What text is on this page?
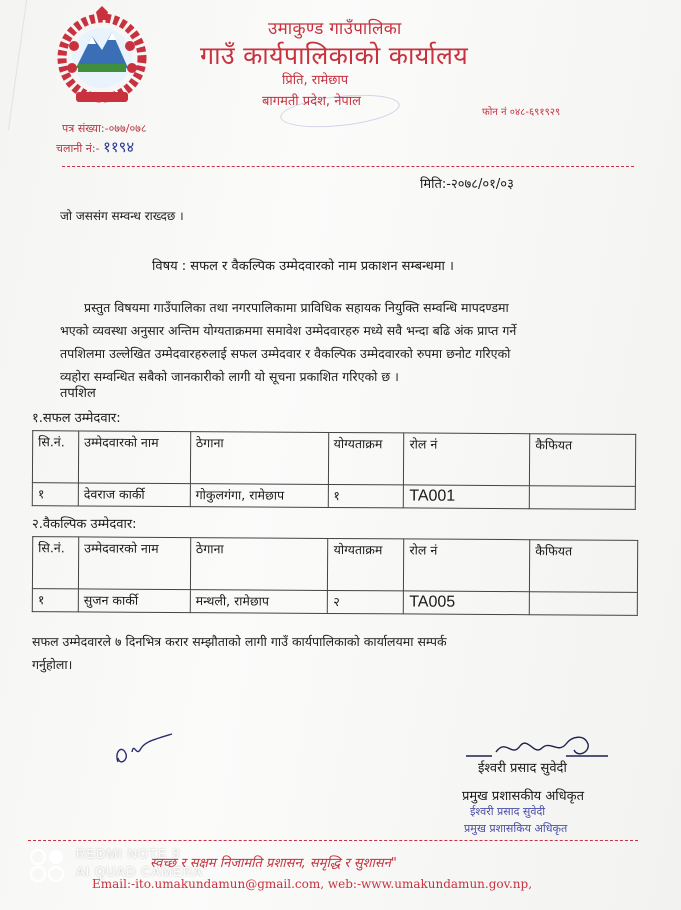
उमाकुण्ड गाउँपालिका
गाउँ कार्यपालिकाको कार्यालय
प्रिति, रामेछाप
बागमती प्रदेश, नेपाल
फोन नं ०४८-६९१९२९
पत्र संख्या:-०७७/०७८
चलानी नं:- ११९४
मिति:-२०७८/०१/०३
जो जससंग सम्वन्ध राख्दछ ।
विषय : सफल र वैकल्पिक उम्मेदवारको नाम प्रकाशन सम्बन्धमा ।
प्रस्तुत विषयमा गाउँपालिका तथा नगरपालिकामा प्राविधिक सहायक नियुक्ति सम्वन्धि मापदण्डमा
भएको व्यवस्था अनुसार अन्तिम योग्यताक्रममा समावेश उम्मेदवारहरु मध्ये सवै भन्दा बढि अंक प्राप्त गर्ने
तपशिलमा उल्लेखित उम्मेदवारहरुलाई सफल उम्मेदवार र वैकल्पिक उम्मेदवारको रुपमा छनोट गरिएको
व्यहोरा सम्वन्धित सबैको जानकारीको लागी यो सूचना प्रकाशित गरिएको छ ।
तपशिल
१.सफल उम्मेदवार:
सि.नं.	उम्मेदवारको नाम	ठेगाना	योग्यताक्रम	रोल नं	कैफियत
१	देवराज कार्की	गोकुलगंगा, रामेछाप	१	TA001	
२.वैकल्पिक उम्मेदवार:
सि.नं.	उम्मेदवारको नाम	ठेगाना	योग्यताक्रम	रोल नं	कैफियत
१	सुजन कार्की	मन्थली, रामेछाप	२	TA005	
सफल उम्मेदवारले ७ दिनभित्र करार सम्झौताको लागी गाउँ कार्यपालिकाको कार्यालयमा सम्पर्क
गर्नुहोला।
ईश्वरी प्रसाद सुवेदी
प्रमुख प्रशासकीय अधिकृत
ईश्वरी प्रसाद सुवेदी
प्रमुख प्रशासकिय अधिकृत
स्वच्छ र सक्षम निजामति प्रशासन, समृद्धि र सुशासन"
Email:-ito.umakundamun@gmail.com, web:-www.umakundamun.gov.np,
REDMI NOTE 8
AI QUAD CAMERA
